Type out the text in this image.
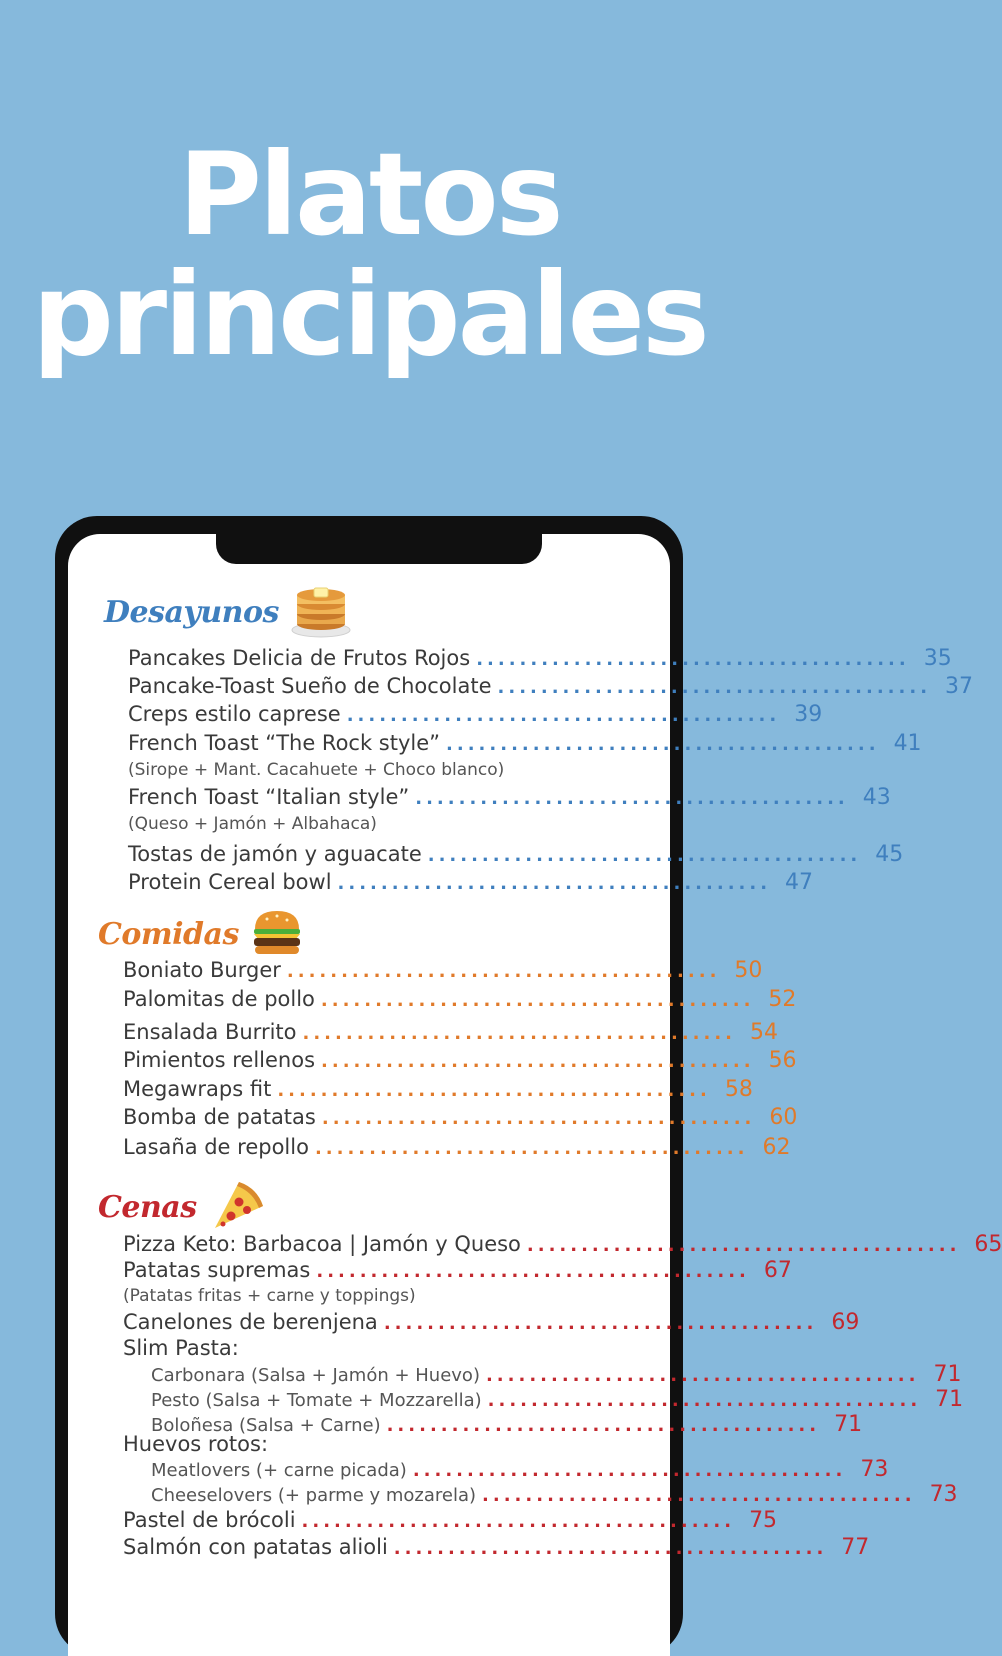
Platos
principales
Desayunos
Pancakes Delicia de Frutos Rojos ........................................ 35
Pancake-Toast Sueño de Chocolate ........................................ 37
Creps estilo caprese ........................................ 39
French Toast “The Rock style” ........................................ 41
(Sirope + Mant. Cacahuete + Choco blanco)
French Toast “Italian style” ........................................ 43
(Queso + Jamón + Albahaca)
Tostas de jamón y aguacate ........................................ 45
Protein Cereal bowl ........................................ 47
Comidas
Boniato Burger ........................................ 50
Palomitas de pollo ........................................ 52
Ensalada Burrito ........................................ 54
Pimientos rellenos ........................................ 56
Megawraps fit ........................................ 58
Bomba de patatas ........................................ 60
Lasaña de repollo ........................................ 62
Cenas
Pizza Keto: Barbacoa | Jamón y Queso ........................................ 65
Patatas supremas ........................................ 67
(Patatas fritas + carne y toppings)
Canelones de berenjena ........................................ 69
Slim Pasta:
Carbonara (Salsa + Jamón + Huevo) ........................................ 71
Pesto (Salsa + Tomate + Mozzarella) ........................................ 71
Boloñesa (Salsa + Carne) ........................................ 71
Huevos rotos:
Meatlovers (+ carne picada) ........................................ 73
Cheeselovers (+ parme y mozarela) ........................................ 73
Pastel de brócoli ........................................ 75
Salmón con patatas alioli ........................................ 77
